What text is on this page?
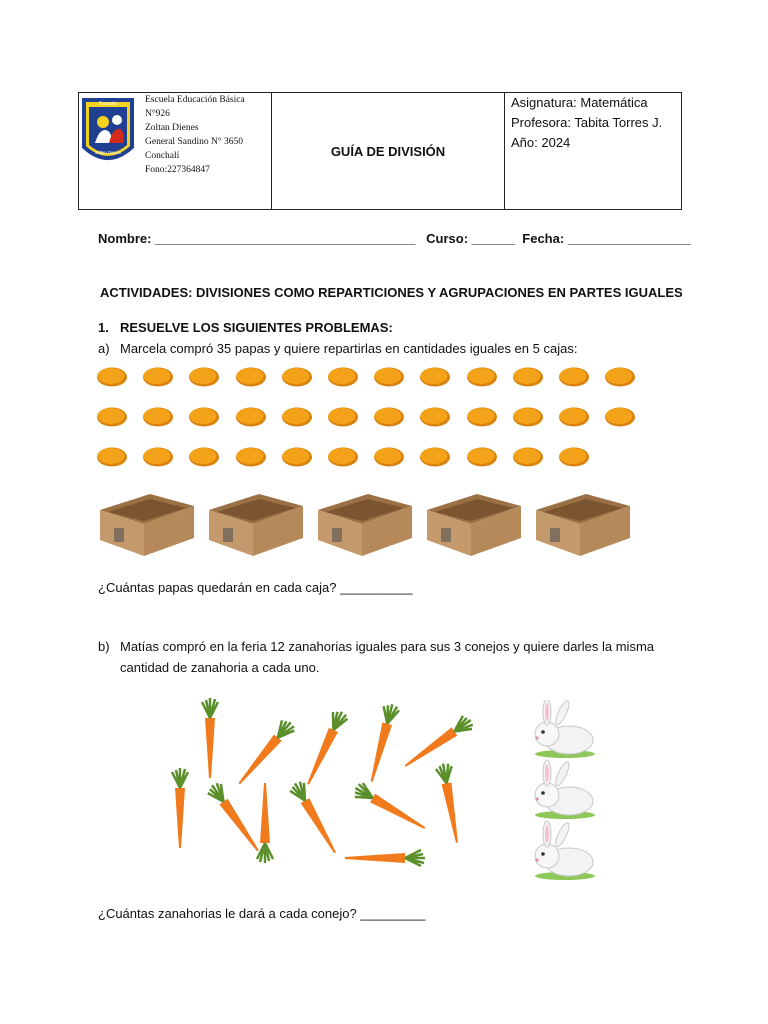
Escuela
Zoltan Dienes
Escuela Educación Básica
N°926
Zoltan Dienes
General Sandino N° 3650
Conchalí
Fono:227364847
GUÍA DE DIVISIÓN
Asignatura: Matemática
Profesora: Tabita Torres J.
Año: 2024
Nombre: ____________________________________   Curso: ______  Fecha: _________________
ACTIVIDADES: DIVISIONES COMO REPARTICIONES Y AGRUPACIONES EN PARTES IGUALES
1. RESUELVE LOS SIGUIENTES PROBLEMAS:
a) Marcela compró 35 papas y quiere repartirlas en cantidades iguales en 5 cajas:
¿Cuántas papas quedarán en cada caja? __________
b) Matías compró en la feria 12 zanahorias iguales para sus 3 conejos y quiere darles la misma
cantidad de zanahoria a cada uno.
¿Cuántas zanahorias le dará a cada conejo? _________
